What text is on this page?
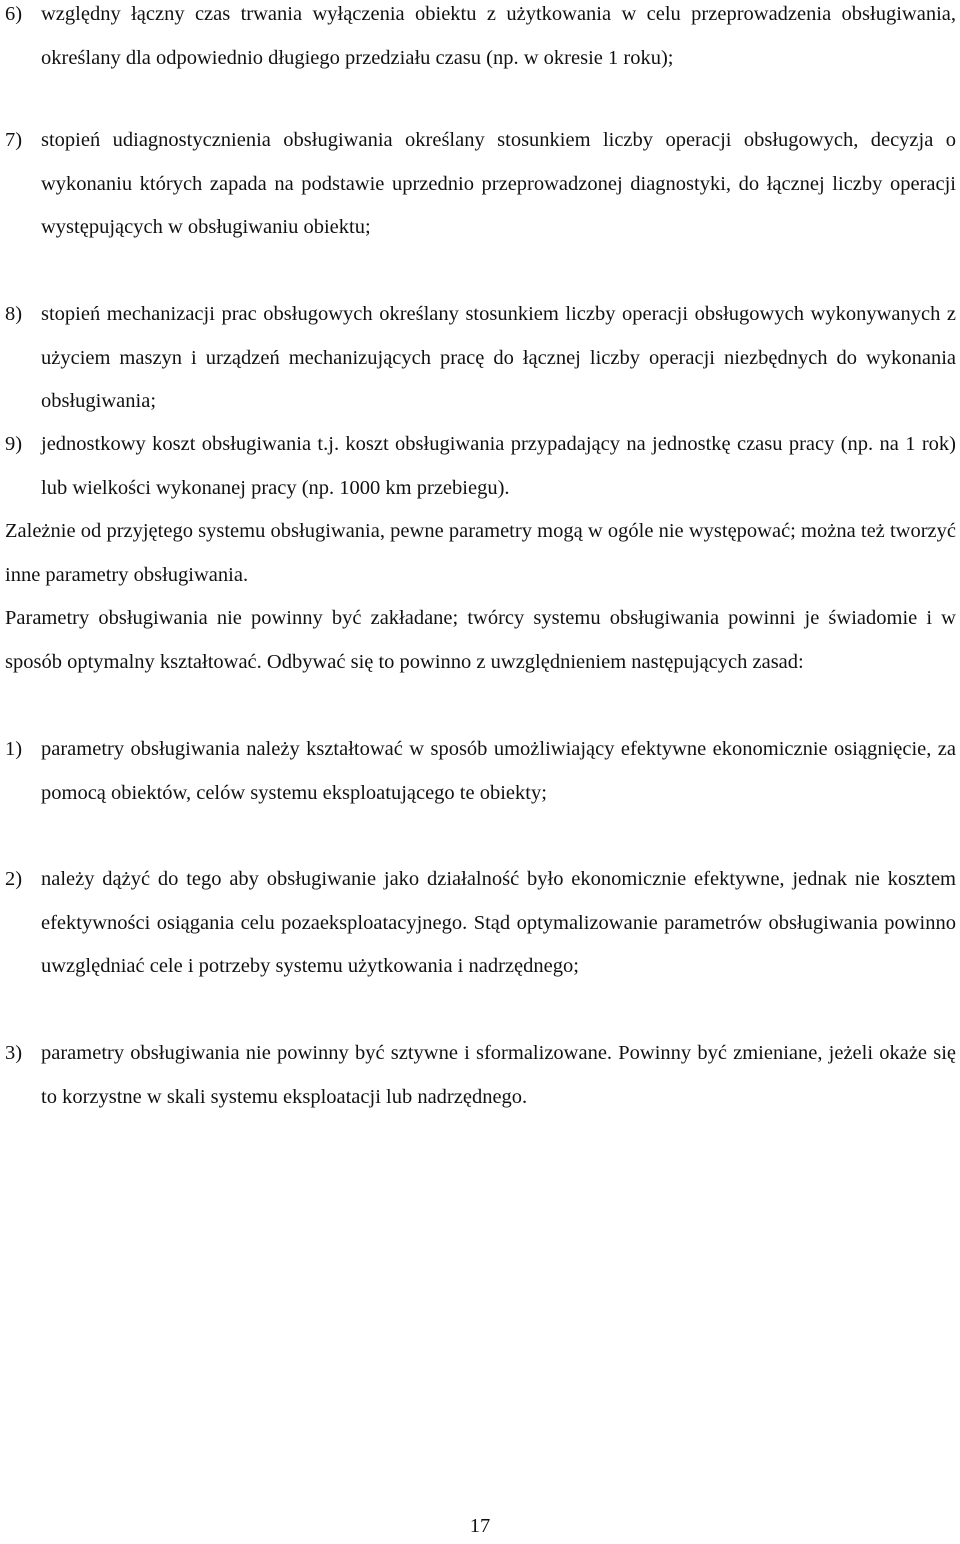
6) względny łączny czas trwania wyłączenia obiektu z użytkowania w celu przeprowadzenia obsługiwania, określany dla odpowiednio długiego przedziału czasu (np. w okresie 1 roku);
7) stopień udiagnostycznienia obsługiwania określany stosunkiem liczby operacji obsługowych, decyzja o wykonaniu których zapada na podstawie uprzednio przeprowadzonej diagnostyki, do łącznej liczby operacji występujących w obsługiwaniu obiektu;
8) stopień mechanizacji prac obsługowych określany stosunkiem liczby operacji obsługowych wykonywanych z użyciem maszyn i urządzeń mechanizujących pracę do łącznej liczby operacji niezbędnych do wykonania obsługiwania;
9) jednostkowy koszt obsługiwania t.j. koszt obsługiwania przypadający na jednostkę czasu pracy (np. na 1 rok) lub wielkości wykonanej pracy (np. 1000 km przebiegu).
Zależnie od przyjętego systemu obsługiwania, pewne parametry mogą w ogóle nie występować; można też tworzyć inne parametry obsługiwania.
Parametry obsługiwania nie powinny być zakładane; twórcy systemu obsługiwania powinni je świadomie i w sposób optymalny kształtować. Odbywać się to powinno z uwzględnieniem następujących zasad:
1) parametry obsługiwania należy kształtować w sposób umożliwiający efektywne ekonomicznie osiągnięcie, za pomocą obiektów, celów systemu eksploatującego te obiekty;
2) należy dążyć do tego aby obsługiwanie jako działalność było ekonomicznie efektywne, jednak nie kosztem efektywności osiągania celu pozaeksploatacyjnego. Stąd optymalizowanie parametrów obsługiwania powinno uwzględniać cele i potrzeby systemu użytkowania i nadrzędnego;
3) parametry obsługiwania nie powinny być sztywne i sformalizowane. Powinny być zmieniane, jeżeli okaże się to korzystne w skali systemu eksploatacji lub nadrzędnego.
17
